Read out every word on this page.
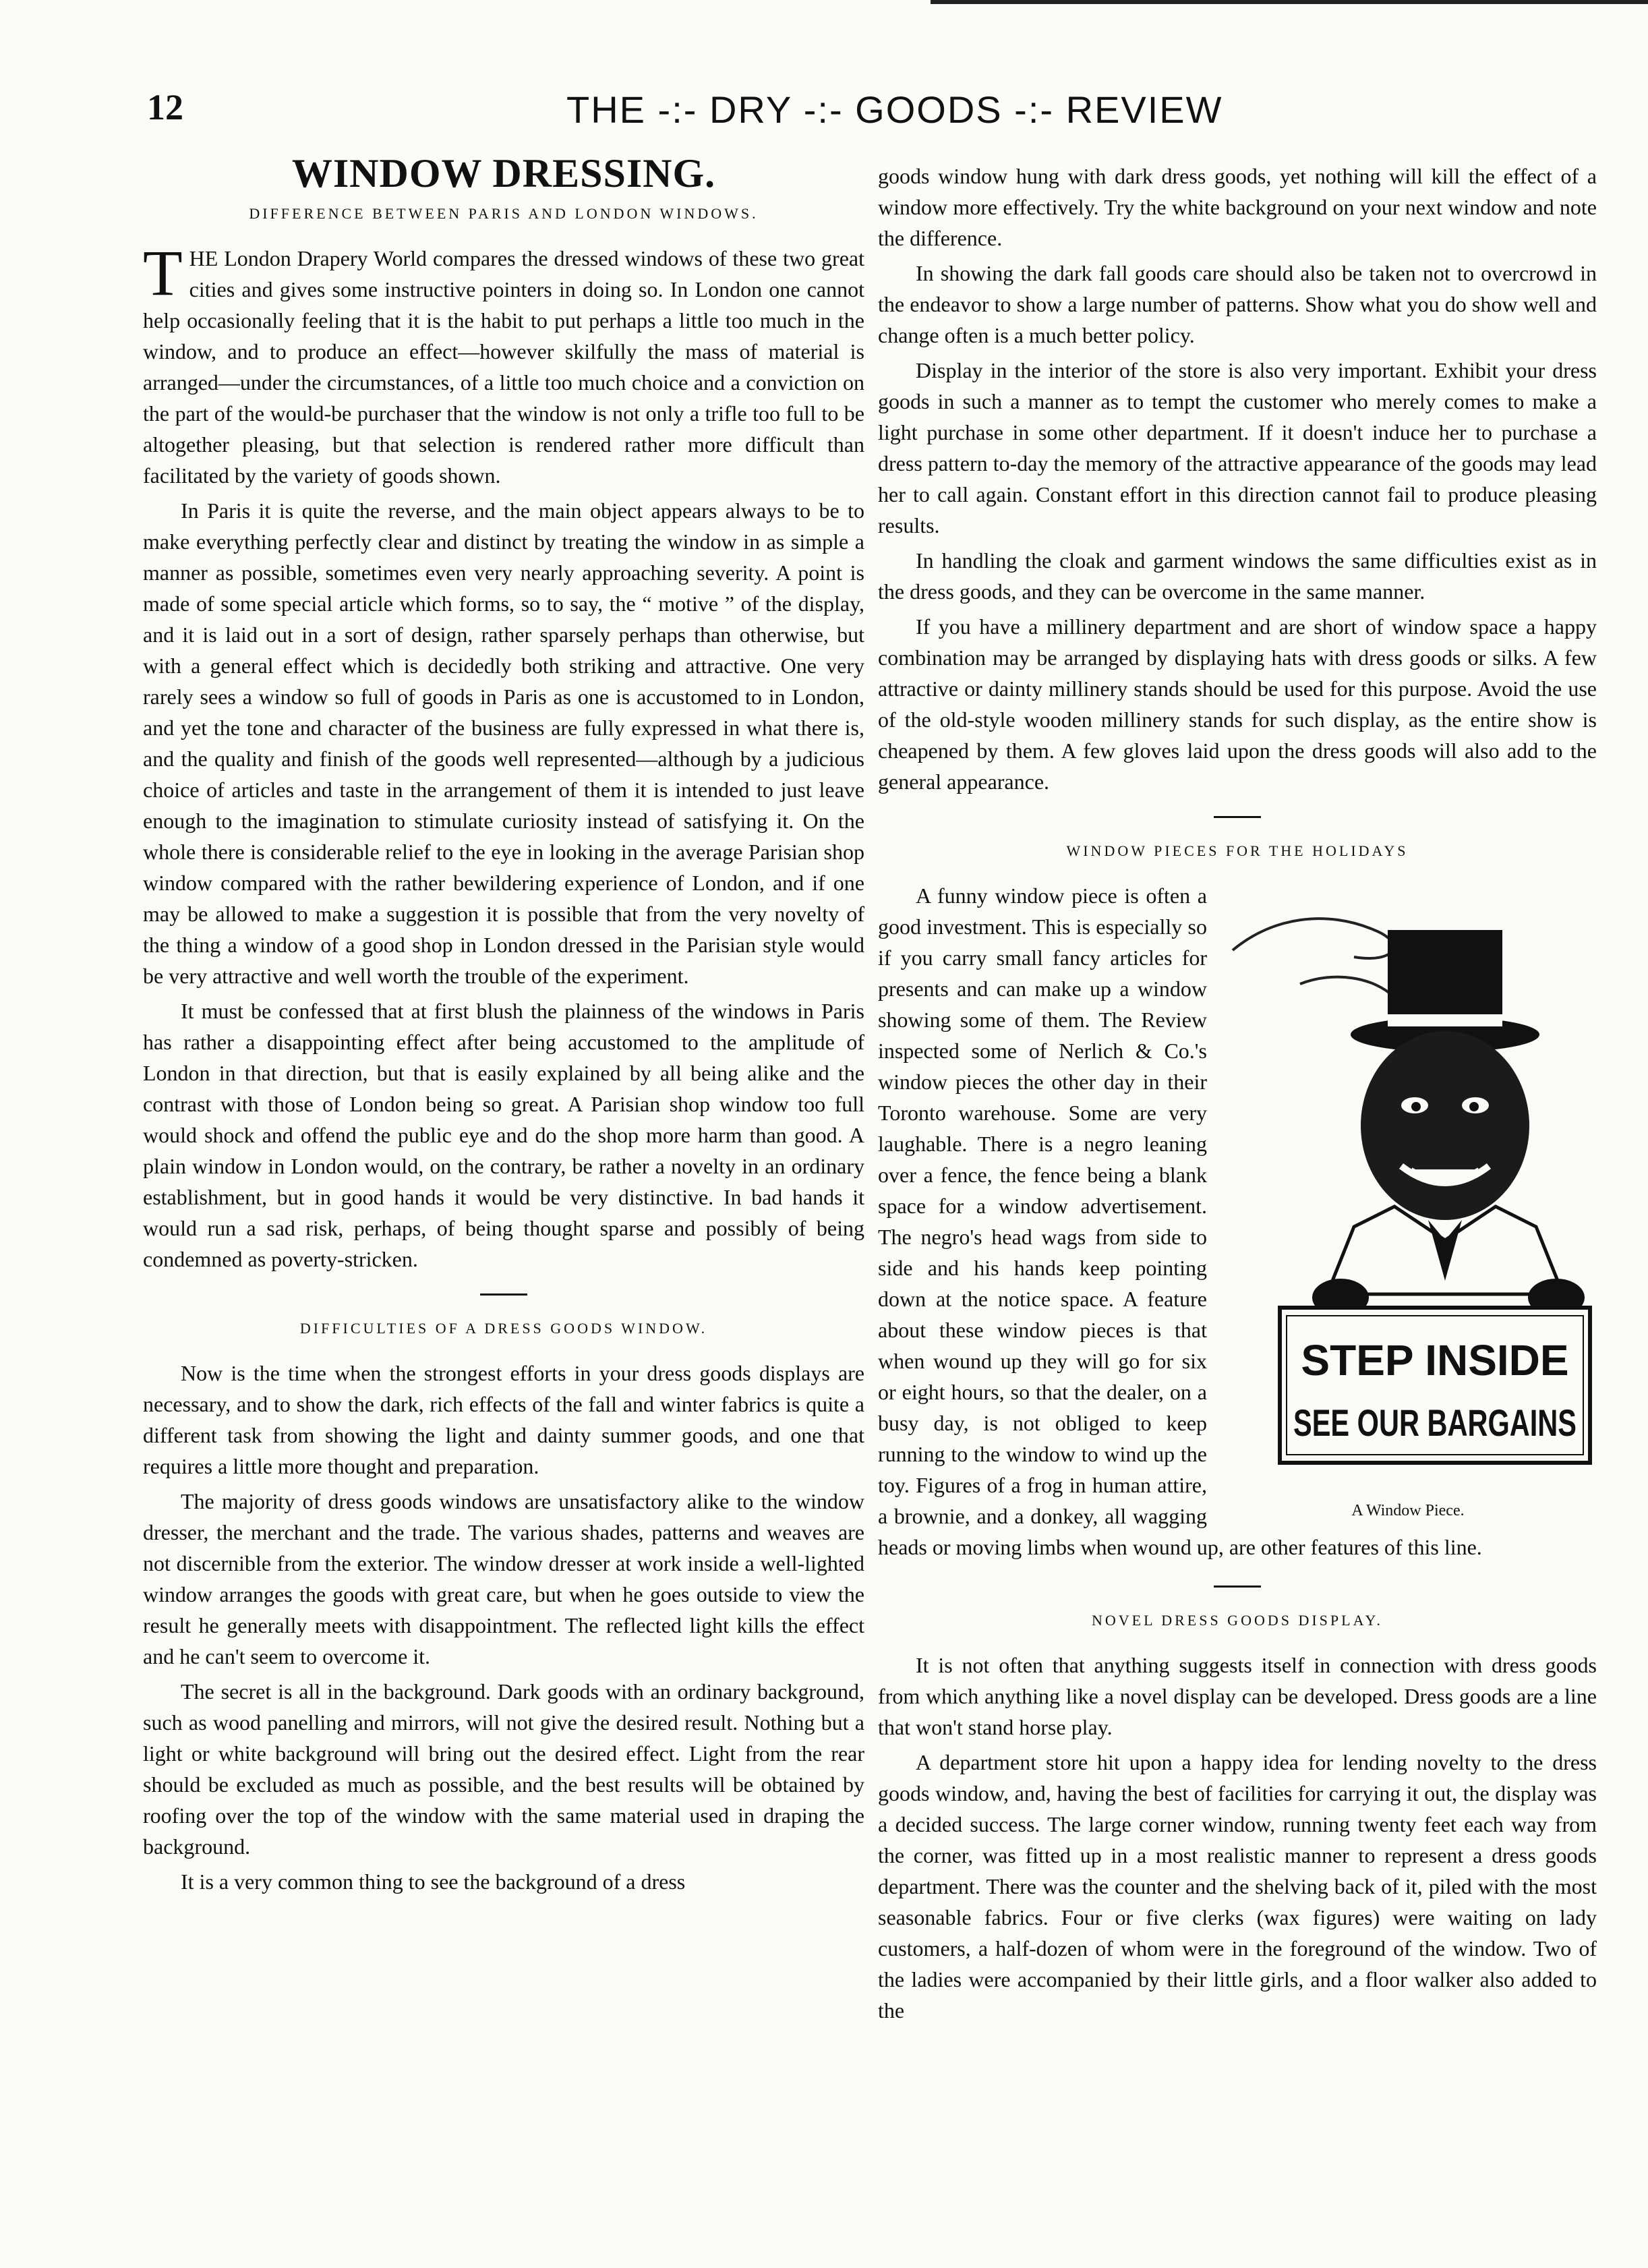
12	THE -:- DRY -:- GOODS -:- REVIEW
WINDOW DRESSING.
DIFFERENCE BETWEEN PARIS AND LONDON WINDOWS.

THE London Drapery World compares the dressed windows of these two great cities and gives some instructive pointers in doing so. In London one cannot help occasionally feeling that it is the habit to put perhaps a little too much in the window, and to produce an effect—however skilfully the mass of material is arranged—under the circumstances, of a little too much choice and a conviction on the part of the would-be purchaser that the window is not only a trifle too full to be altogether pleasing, but that selection is rendered rather more difficult than facilitated by the variety of goods shown.

In Paris it is quite the reverse, and the main object appears always to be to make everything perfectly clear and distinct by treating the window in as simple a manner as possible, sometimes even very nearly approaching severity. A point is made of some special article which forms, so to say, the “ motive ” of the display, and it is laid out in a sort of design, rather sparsely perhaps than otherwise, but with a general effect which is decidedly both striking and attractive. One very rarely sees a window so full of goods in Paris as one is accustomed to in London, and yet the tone and character of the business are fully expressed in what there is, and the quality and finish of the goods well represented—although by a judicious choice of articles and taste in the arrangement of them it is intended to just leave enough to the imagination to stimulate curiosity instead of satisfying it. On the whole there is considerable relief to the eye in looking in the average Parisian shop window compared with the rather bewildering experience of London, and if one may be allowed to make a suggestion it is possible that from the very novelty of the thing a window of a good shop in London dressed in the Parisian style would be very attractive and well worth the trouble of the experiment.

It must be confessed that at first blush the plainness of the windows in Paris has rather a disappointing effect after being accustomed to the amplitude of London in that direction, but that is easily explained by all being alike and the contrast with those of London being so great. A Parisian shop window too full would shock and offend the public eye and do the shop more harm than good. A plain window in London would, on the contrary, be rather a novelty in an ordinary establishment, but in good hands it would be very distinctive. In bad hands it would run a sad risk, perhaps, of being thought sparse and possibly of being condemned as poverty-stricken.

DIFFICULTIES OF A DRESS GOODS WINDOW.

Now is the time when the strongest efforts in your dress goods displays are necessary, and to show the dark, rich effects of the fall and winter fabrics is quite a different task from showing the light and dainty summer goods, and one that requires a little more thought and preparation.

The majority of dress goods windows are unsatisfactory alike to the window dresser, the merchant and the trade. The various shades, patterns and weaves are not discernible from the exterior. The window dresser at work inside a well-lighted window arranges the goods with great care, but when he goes outside to view the result he generally meets with disappointment. The reflected light kills the effect and he can't seem to overcome it.

The secret is all in the background. Dark goods with an ordinary background, such as wood panelling and mirrors, will not give the desired result. Nothing but a light or white background will bring out the desired effect. Light from the rear should be excluded as much as possible, and the best results will be obtained by roofing over the top of the window with the same material used in draping the background.

It is a very common thing to see the background of a dress

goods window hung with dark dress goods, yet nothing will kill the effect of a window more effectively. Try the white background on your next window and note the difference.

In showing the dark fall goods care should also be taken not to overcrowd in the endeavor to show a large number of patterns. Show what you do show well and change often is a much better policy.

Display in the interior of the store is also very important. Exhibit your dress goods in such a manner as to tempt the customer who merely comes to make a light purchase in some other department. If it doesn't induce her to purchase a dress pattern to-day the memory of the attractive appearance of the goods may lead her to call again. Constant effort in this direction cannot fail to produce pleasing results.

In handling the cloak and garment windows the same difficulties exist as in the dress goods, and they can be overcome in the same manner.

If you have a millinery department and are short of window space a happy combination may be arranged by displaying hats with dress goods or silks. A few attractive or dainty millinery stands should be used for this purpose. Avoid the use of the old-style wooden millinery stands for such display, as the entire show is cheapened by them. A few gloves laid upon the dress goods will also add to the general appearance.

WINDOW PIECES FOR THE HOLIDAYS
STEP INSIDE
SEE OUR BARGAINS
A Window Piece.

A funny window piece is often a good investment. This is especially so if you carry small fancy articles for presents and can make up a window showing some of them. The Review inspected some of Nerlich & Co.'s window pieces the other day in their Toronto warehouse. Some are very laughable. There is a negro leaning over a fence, the fence being a blank space for a window advertisement. The negro's head wags from side to side and his hands keep pointing down at the notice space. A feature about these window pieces is that when wound up they will go for six or eight hours, so that the dealer, on a busy day, is not obliged to keep running to the window to wind up the toy. Figures of a frog in human attire, a brownie, and a donkey, all wagging heads or moving limbs when wound up, are other features of this line.

NOVEL DRESS GOODS DISPLAY.

It is not often that anything suggests itself in connection with dress goods from which anything like a novel display can be developed. Dress goods are a line that won't stand horse play.

A department store hit upon a happy idea for lending novelty to the dress goods window, and, having the best of facilities for carrying it out, the display was a decided success. The large corner window, running twenty feet each way from the corner, was fitted up in a most realistic manner to represent a dress goods department. There was the counter and the shelving back of it, piled with the most seasonable fabrics. Four or five clerks (wax figures) were waiting on lady customers, a half-dozen of whom were in the foreground of the window. Two of the ladies were accompanied by their little girls, and a floor walker also added to the
